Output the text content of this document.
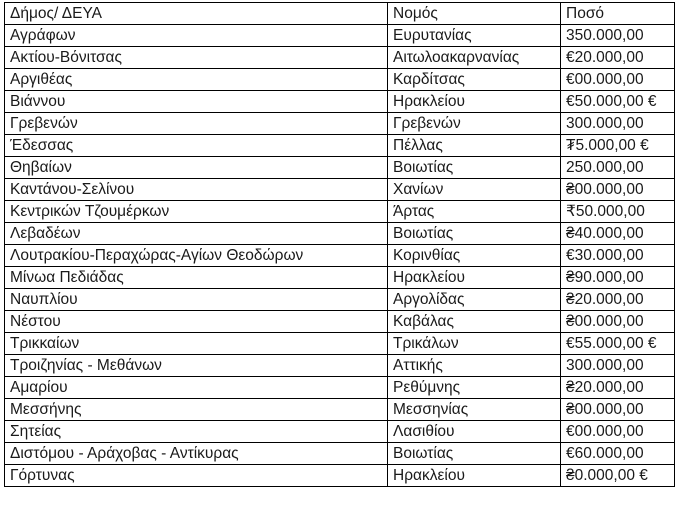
Δήμος/ ΔΕΥΑ	Νομός	Ποσό
Αγράφων	Ευρυτανίας	350.000,00
Ακτίου-Βόνιτσας	Αιτωλοακαρνανίας	€20.000,00
Αργιθέας	Καρδίτσας	€00.000,00
Βιάννου	Ηρακλείου	€50.000,00 €
Γρεβενών	Γρεβενών	300.000,00
Έδεσσας	Πέλλας	₮5.000,00 €
Θηβαίων	Βοιωτίας	250.000,00
Καντάνου-Σελίνου	Χανίων	₴00.000,00
Κεντρικών Τζουμέρκων	Άρτας	₹50.000,00
Λεβαδέων	Βοιωτίας	₴40.000,00
Λουτρακίου-Περαχώρας-Αγίων Θεοδώρων	Κορινθίας	€30.000,00
Μίνωα Πεδιάδας	Ηρακλείου	₴90.000,00
Ναυπλίου	Αργολίδας	₴20.000,00
Νέστου	Καβάλας	₴00.000,00
Τρικκαίων	Τρικάλων	€55.000,00 €
Τροιζηνίας - Μεθάνων	Αττικής	300.000,00
Αμαρίου	Ρεθύμνης	₴20.000,00
Μεσσήνης	Μεσσηνίας	₴00.000,00
Σητείας	Λασιθίου	€00.000,00
Διστόμου - Αράχοβας - Αντίκυρας	Βοιωτίας	€60.000,00
Γόρτυνας	Ηρακλείου	₴0.000,00 €
